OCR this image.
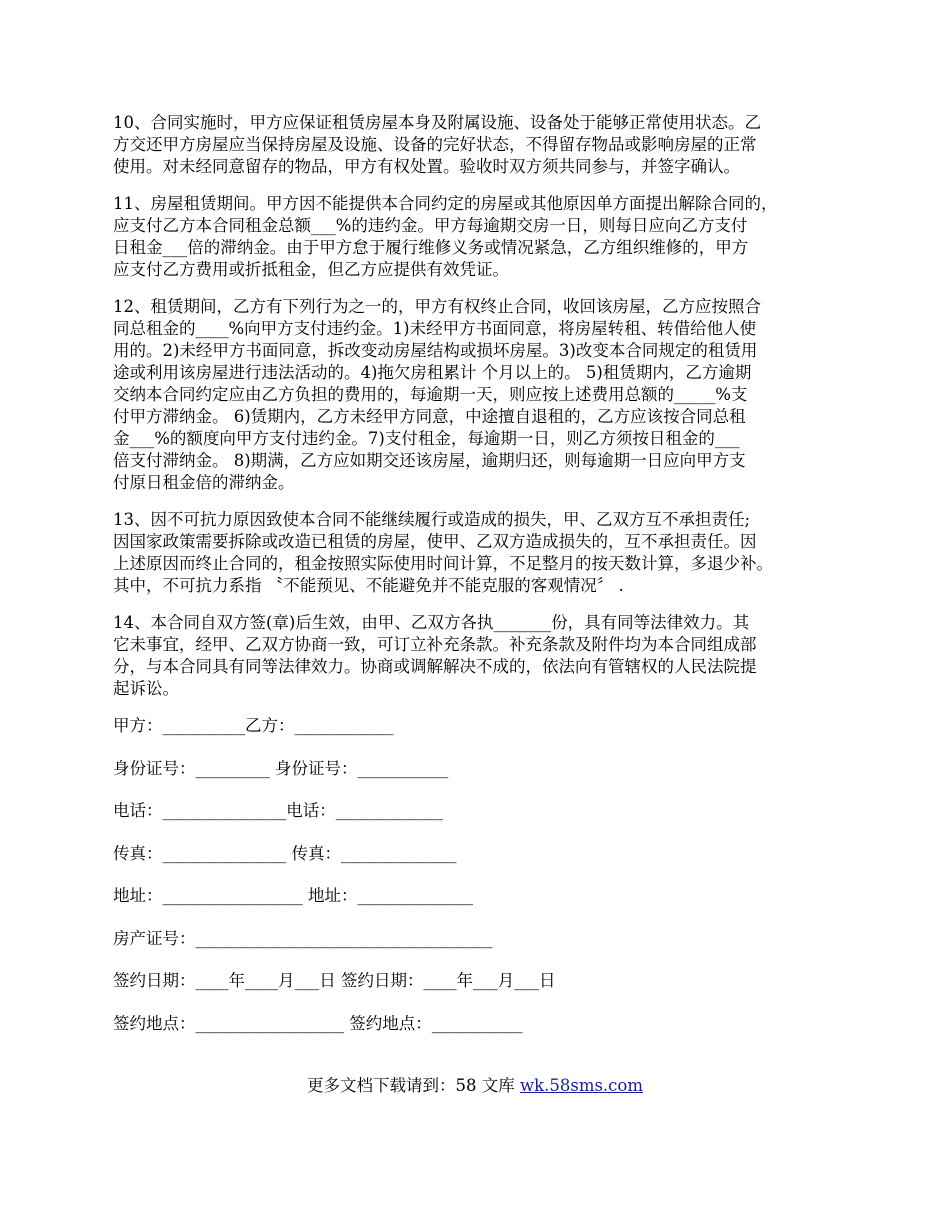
10、合同实施时，甲方应保证租赁房屋本身及附属设施、设备处于能够正常使用状态。乙
方交还甲方房屋应当保持房屋及设施、设备的完好状态，不得留存物品或影响房屋的正常
使用。对未经同意留存的物品，甲方有权处置。验收时双方须共同参与，并签字确认。

11、房屋租赁期间。甲方因不能提供本合同约定的房屋或其他原因单方面提出解除合同的，
应支付乙方本合同租金总额___%的违约金。甲方每逾期交房一日，则每日应向乙方支付
日租金___倍的滞纳金。由于甲方怠于履行维修义务或情况紧急，乙方组织维修的，甲方
应支付乙方费用或折抵租金，但乙方应提供有效凭证。

12、租赁期间，乙方有下列行为之一的，甲方有权终止合同，收回该房屋，乙方应按照合
同总租金的____%向甲方支付违约金。1)未经甲方书面同意，将房屋转租、转借给他人使
用的。2)未经甲方书面同意，拆改变动房屋结构或损坏房屋。3)改变本合同规定的租赁用
途或利用该房屋进行违法活动的。4)拖欠房租累计 个月以上的。 5)租赁期内，乙方逾期
交纳本合同约定应由乙方负担的费用的，每逾期一天，则应按上述费用总额的_____%支
付甲方滞纳金。 6)赁期内，乙方未经甲方同意，中途擅自退租的，乙方应该按合同总租
金___%的额度向甲方支付违约金。7)支付租金，每逾期一日，则乙方须按日租金的___
倍支付滞纳金。 8)期满，乙方应如期交还该房屋，逾期归还，则每逾期一日应向甲方支
付原日租金倍的滞纳金。

13、因不可抗力原因致使本合同不能继续履行或造成的损失，甲、乙双方互不承担责任;
因国家政策需要拆除或改造已租赁的房屋，使甲、乙双方造成损失的，互不承担责任。因
上述原因而终止合同的，租金按照实际使用时间计算，不足整月的按天数计算，多退少补。
其中，不可抗力系指 〝不能预见、不能避免并不能克服的客观情况〞 .

14、本合同自双方签(章)后生效，由甲、乙双方各执_______份，具有同等法律效力。其
它未事宜，经甲、乙双方协商一致，可订立补充条款。补充条款及附件均为本合同组成部
分，与本合同具有同等法律效力。协商或调解解决不成的，依法向有管辖权的人民法院提
起诉讼。

甲方：__________乙方：____________
身份证号：_________ 身份证号：___________
电话：_______________电话：_____________
传真：_______________ 传真：______________
地址：_________________ 地址：______________
房产证号：____________________________________
签约日期：____年____月___日 签约日期：____年___月___日
签约地点：__________________ 签约地点：___________
更多文档下载请到：58 文库 wk.58sms.com
